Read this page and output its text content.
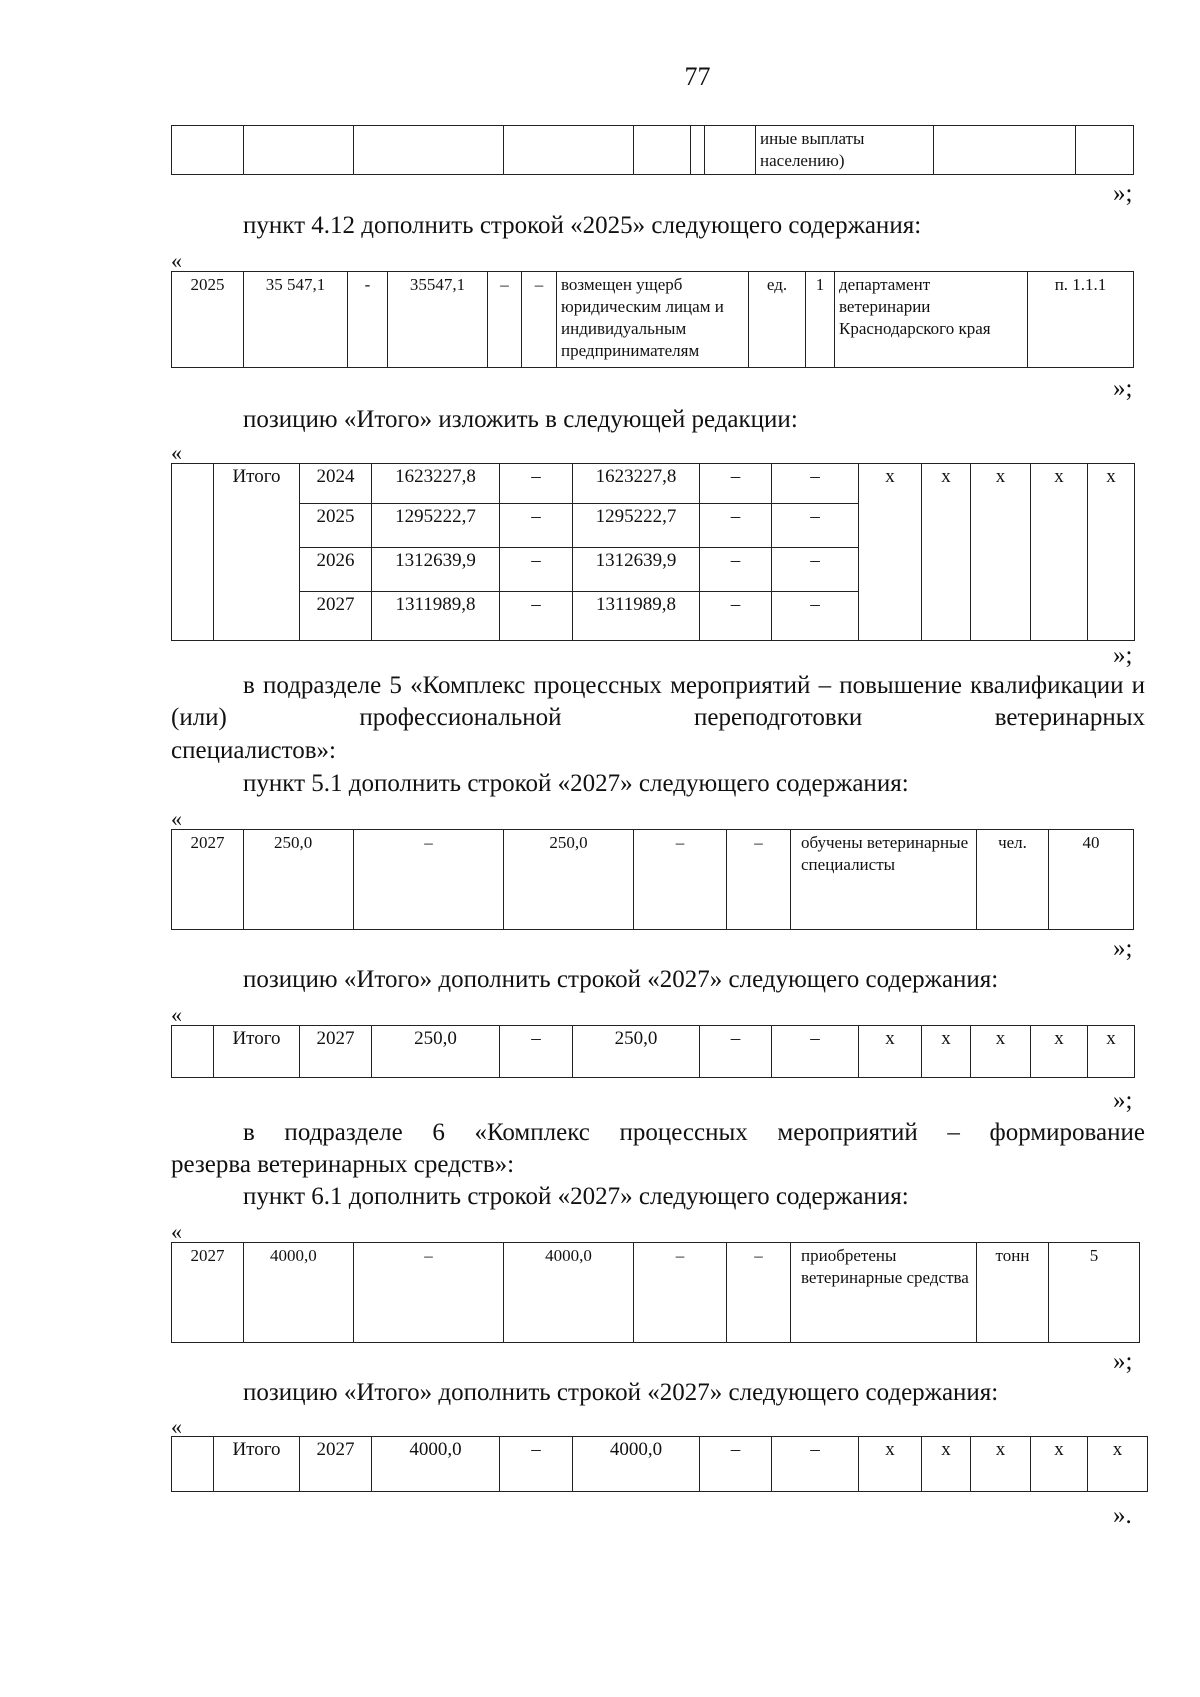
77
							иные выплаты населению)		
»;
пункт 4.12 дополнить строкой «2025» следующего содержания:
«
2025	35 547,1	-	35547,1	–	–	возмещен ущерб юридическим лицам и индивидуальным предпринимателям	ед.	1	департамент ветеринарии Краснодарского края	п. 1.1.1
»;
позицию «Итого» изложить в следующей редакции:
«
	Итого	2024	1623227,8	–	1623227,8	–	–	х	х	х	х	х
		2025	1295222,7	–	1295222,7	–	–					
		2026	1312639,9	–	1312639,9	–	–					
		2027	1311989,8	–	1311989,8	–	–					
»;
в подразделе 5 «Комплекс процессных мероприятий – повышение квалификации и (или) профессиональной переподготовки ветеринарных
специалистов»:
пункт 5.1 дополнить строкой «2027» следующего содержания:
«
2027	250,0	–	250,0	–	–	обучены ветеринарные специалисты	чел.	40
»;
позицию «Итого» дополнить строкой «2027» следующего содержания:
«
	Итого	2027	250,0	–	250,0	–	–	х	х	х	х	х
»;
в подразделе 6 «Комплекс процессных мероприятий – формирование
резерва ветеринарных средств»:
пункт 6.1 дополнить строкой «2027» следующего содержания:
«
2027	4000,0	–	4000,0	–	–	приобретены ветеринарные средства	тонн	5
»;
позицию «Итого» дополнить строкой «2027» следующего содержания:
«
	Итого	2027	4000,0	–	4000,0	–	–	х	х	х	х	х
».
